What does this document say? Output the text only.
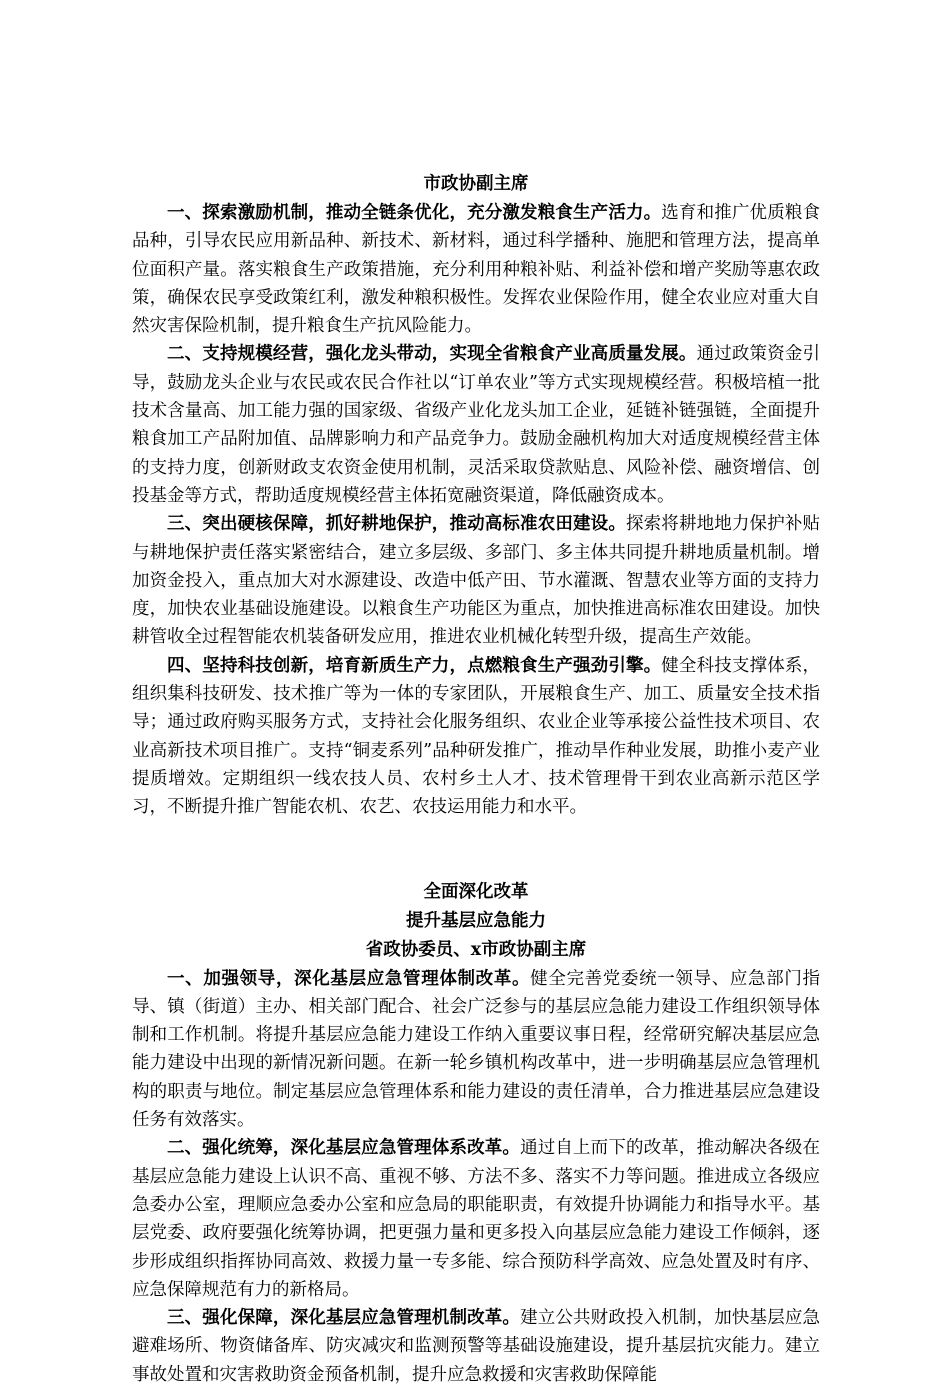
市政协副主席

一、探索激励机制，推动全链条优化，充分激发粮食生产活力。选育和推广优质粮食品种，引导农民应用新品种、新技术、新材料，通过科学播种、施肥和管理方法，提高单位面积产量。落实粮食生产政策措施，充分利用种粮补贴、利益补偿和增产奖励等惠农政策，确保农民享受政策红利，激发种粮积极性。发挥农业保险作用，健全农业应对重大自然灾害保险机制，提升粮食生产抗风险能力。

二、支持规模经营，强化龙头带动，实现全省粮食产业高质量发展。通过政策资金引导，鼓励龙头企业与农民或农民合作社以“订单农业”等方式实现规模经营。积极培植一批技术含量高、加工能力强的国家级、省级产业化龙头加工企业，延链补链强链，全面提升粮食加工产品附加值、品牌影响力和产品竞争力。鼓励金融机构加大对适度规模经营主体的支持力度，创新财政支农资金使用机制，灵活采取贷款贴息、风险补偿、融资增信、创投基金等方式，帮助适度规模经营主体拓宽融资渠道，降低融资成本。

三、突出硬核保障，抓好耕地保护，推动高标准农田建设。探索将耕地地力保护补贴与耕地保护责任落实紧密结合，建立多层级、多部门、多主体共同提升耕地质量机制。增加资金投入，重点加大对水源建设、改造中低产田、节水灌溉、智慧农业等方面的支持力度，加快农业基础设施建设。以粮食生产功能区为重点，加快推进高标准农田建设。加快耕管收全过程智能农机装备研发应用，推进农业机械化转型升级，提高生产效能。

四、坚持科技创新，培育新质生产力，点燃粮食生产强劲引擎。健全科技支撑体系，组织集科技研发、技术推广等为一体的专家团队，开展粮食生产、加工、质量安全技术指导；通过政府购买服务方式，支持社会化服务组织、农业企业等承接公益性技术项目、农业高新技术项目推广。支持“铜麦系列”品种研发推广，推动旱作种业发展，助推小麦产业提质增效。定期组织一线农技人员、农村乡土人才、技术管理骨干到农业高新示范区学习，不断提升推广智能农机、农艺、农技运用能力和水平。

全面深化改革

提升基层应急能力

省政协委员、x市政协副主席

一、加强领导，深化基层应急管理体制改革。健全完善党委统一领导、应急部门指导、镇（街道）主办、相关部门配合、社会广泛参与的基层应急能力建设工作组织领导体制和工作机制。将提升基层应急能力建设工作纳入重要议事日程，经常研究解决基层应急能力建设中出现的新情况新问题。在新一轮乡镇机构改革中，进一步明确基层应急管理机构的职责与地位。制定基层应急管理体系和能力建设的责任清单，合力推进基层应急建设任务有效落实。

二、强化统筹，深化基层应急管理体系改革。通过自上而下的改革，推动解决各级在基层应急能力建设上认识不高、重视不够、方法不多、落实不力等问题。推进成立各级应急委办公室，理顺应急委办公室和应急局的职能职责，有效提升协调能力和指导水平。基层党委、政府要强化统筹协调，把更强力量和更多投入向基层应急能力建设工作倾斜，逐步形成组织指挥协同高效、救援力量一专多能、综合预防科学高效、应急处置及时有序、应急保障规范有力的新格局。

三、强化保障，深化基层应急管理机制改革。建立公共财政投入机制，加快基层应急避难场所、物资储备库、防灾减灾和监测预警等基础设施建设，提升基层抗灾能力。建立事故处置和灾害救助资金预备机制，提升应急救援和灾害救助保障能
